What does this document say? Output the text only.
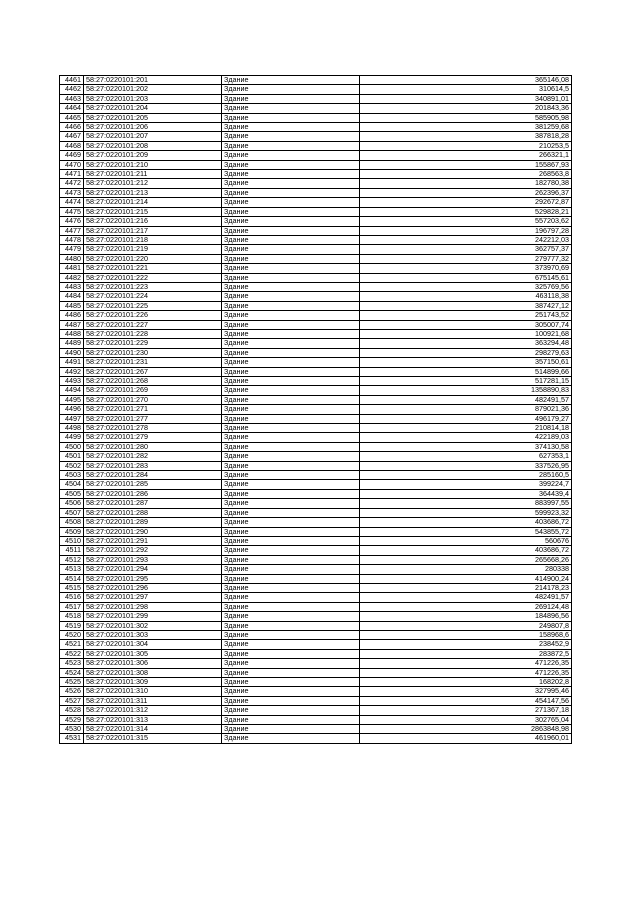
4461	58:27:0220101:201	Здание	365146,08
4462	58:27:0220101:202	Здание	310614,5
4463	58:27:0220101:203	Здание	340891,01
4464	58:27:0220101:204	Здание	201843,36
4465	58:27:0220101:205	Здание	585905,98
4466	58:27:0220101:206	Здание	381259,68
4467	58:27:0220101:207	Здание	387818,28
4468	58:27:0220101:208	Здание	210253,5
4469	58:27:0220101:209	Здание	266321,1
4470	58:27:0220101:210	Здание	155867,93
4471	58:27:0220101:211	Здание	268563,8
4472	58:27:0220101:212	Здание	182780,38
4473	58:27:0220101:213	Здание	262396,37
4474	58:27:0220101:214	Здание	292672,87
4475	58:27:0220101:215	Здание	529828,21
4476	58:27:0220101:216	Здание	557203,62
4477	58:27:0220101:217	Здание	196797,28
4478	58:27:0220101:218	Здание	242212,03
4479	58:27:0220101:219	Здание	362757,37
4480	58:27:0220101:220	Здание	279777,32
4481	58:27:0220101:221	Здание	373970,69
4482	58:27:0220101:222	Здание	675145,61
4483	58:27:0220101:223	Здание	325769,56
4484	58:27:0220101:224	Здание	463118,38
4485	58:27:0220101:225	Здание	387427,12
4486	58:27:0220101:226	Здание	251743,52
4487	58:27:0220101:227	Здание	305007,74
4488	58:27:0220101:228	Здание	100921,68
4489	58:27:0220101:229	Здание	363294,48
4490	58:27:0220101:230	Здание	298279,63
4491	58:27:0220101:231	Здание	357150,61
4492	58:27:0220101:267	Здание	514899,66
4493	58:27:0220101:268	Здание	517281,15
4494	58:27:0220101:269	Здание	1358890,83
4495	58:27:0220101:270	Здание	482491,57
4496	58:27:0220101:271	Здание	879021,36
4497	58:27:0220101:277	Здание	496179,27
4498	58:27:0220101:278	Здание	210814,18
4499	58:27:0220101:279	Здание	422189,03
4500	58:27:0220101:280	Здание	374130,58
4501	58:27:0220101:282	Здание	627353,1
4502	58:27:0220101:283	Здание	337526,95
4503	58:27:0220101:284	Здание	285160,5
4504	58:27:0220101:285	Здание	399224,7
4505	58:27:0220101:286	Здание	364439,4
4506	58:27:0220101:287	Здание	883997,55
4507	58:27:0220101:288	Здание	599923,32
4508	58:27:0220101:289	Здание	403686,72
4509	58:27:0220101:290	Здание	543855,72
4510	58:27:0220101:291	Здание	560676
4511	58:27:0220101:292	Здание	403686,72
4512	58:27:0220101:293	Здание	265668,26
4513	58:27:0220101:294	Здание	280338
4514	58:27:0220101:295	Здание	414900,24
4515	58:27:0220101:296	Здание	214178,23
4516	58:27:0220101:297	Здание	482491,57
4517	58:27:0220101:298	Здание	269124,48
4518	58:27:0220101:299	Здание	184896,56
4519	58:27:0220101:302	Здание	249807,8
4520	58:27:0220101:303	Здание	158968,6
4521	58:27:0220101:304	Здание	238452,9
4522	58:27:0220101:305	Здание	283872,5
4523	58:27:0220101:306	Здание	471226,35
4524	58:27:0220101:308	Здание	471226,35
4525	58:27:0220101:309	Здание	168202,8
4526	58:27:0220101:310	Здание	327995,46
4527	58:27:0220101:311	Здание	454147,56
4528	58:27:0220101:312	Здание	271367,18
4529	58:27:0220101:313	Здание	302765,04
4530	58:27:0220101:314	Здание	2863848,98
4531	58:27:0220101:315	Здание	461960,01
